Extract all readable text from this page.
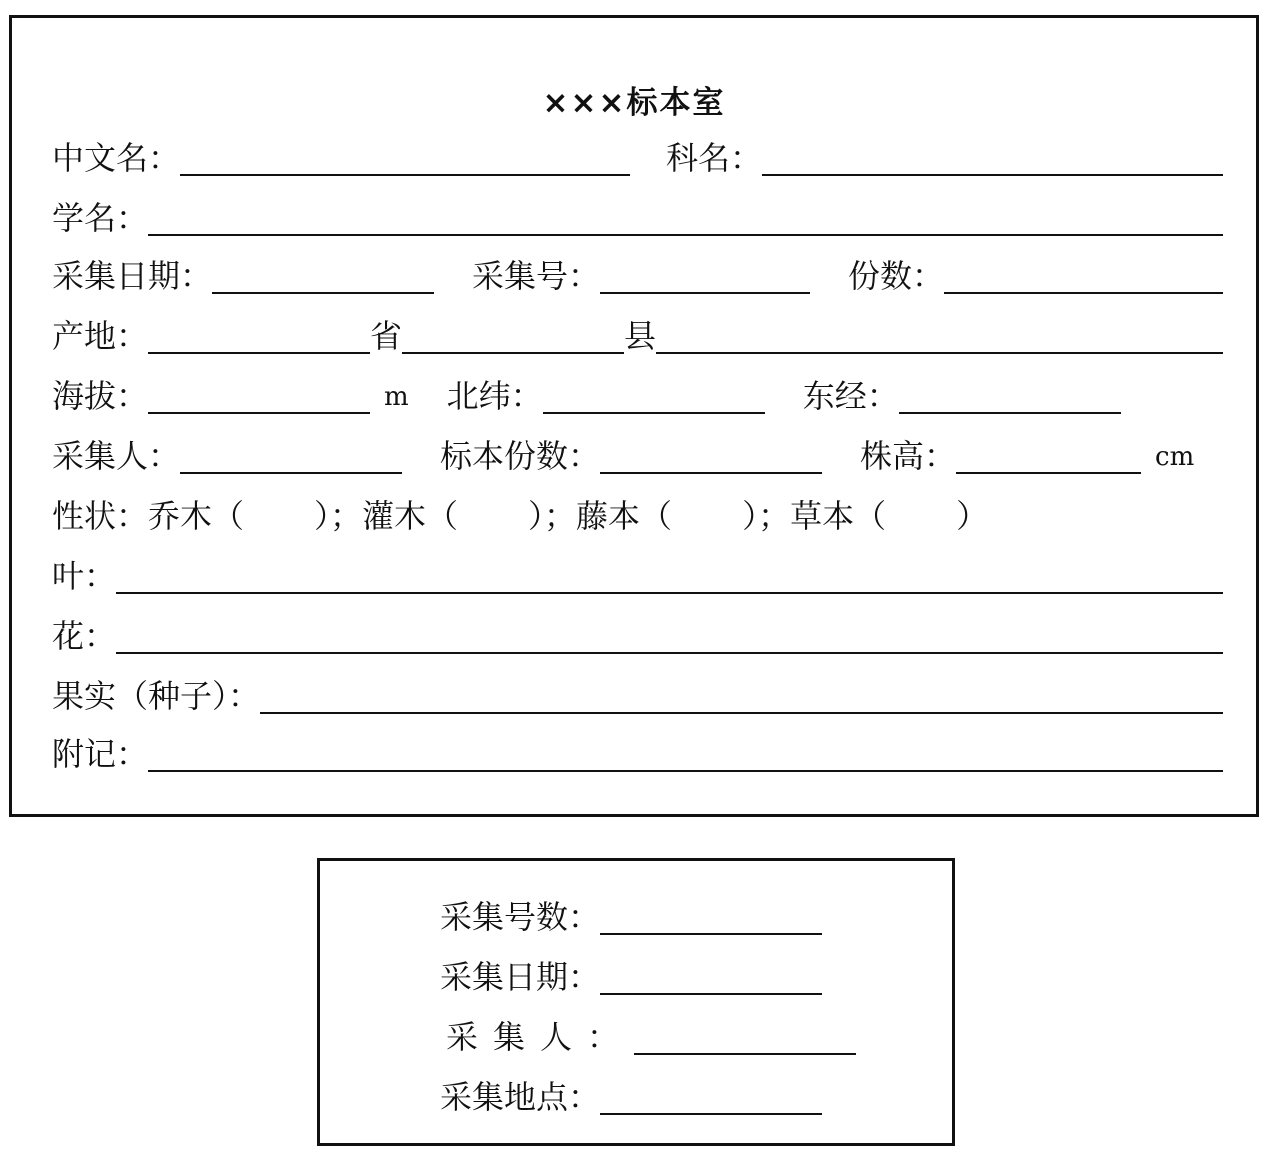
×××标本室
中文名：	科名：
学名：
采集日期：	采集号：	份数：
产地：	省	县
海拔：	m 北纬：	东经：
采集人：	标本份数：	株高：	cm
性状： 乔木（ ）；灌木（ ）；藤本（ ）；草本（ ）
叶：
花：
果实（种子）：
附记：
采集号数：
采集日期：
采集人：
采集地点：
